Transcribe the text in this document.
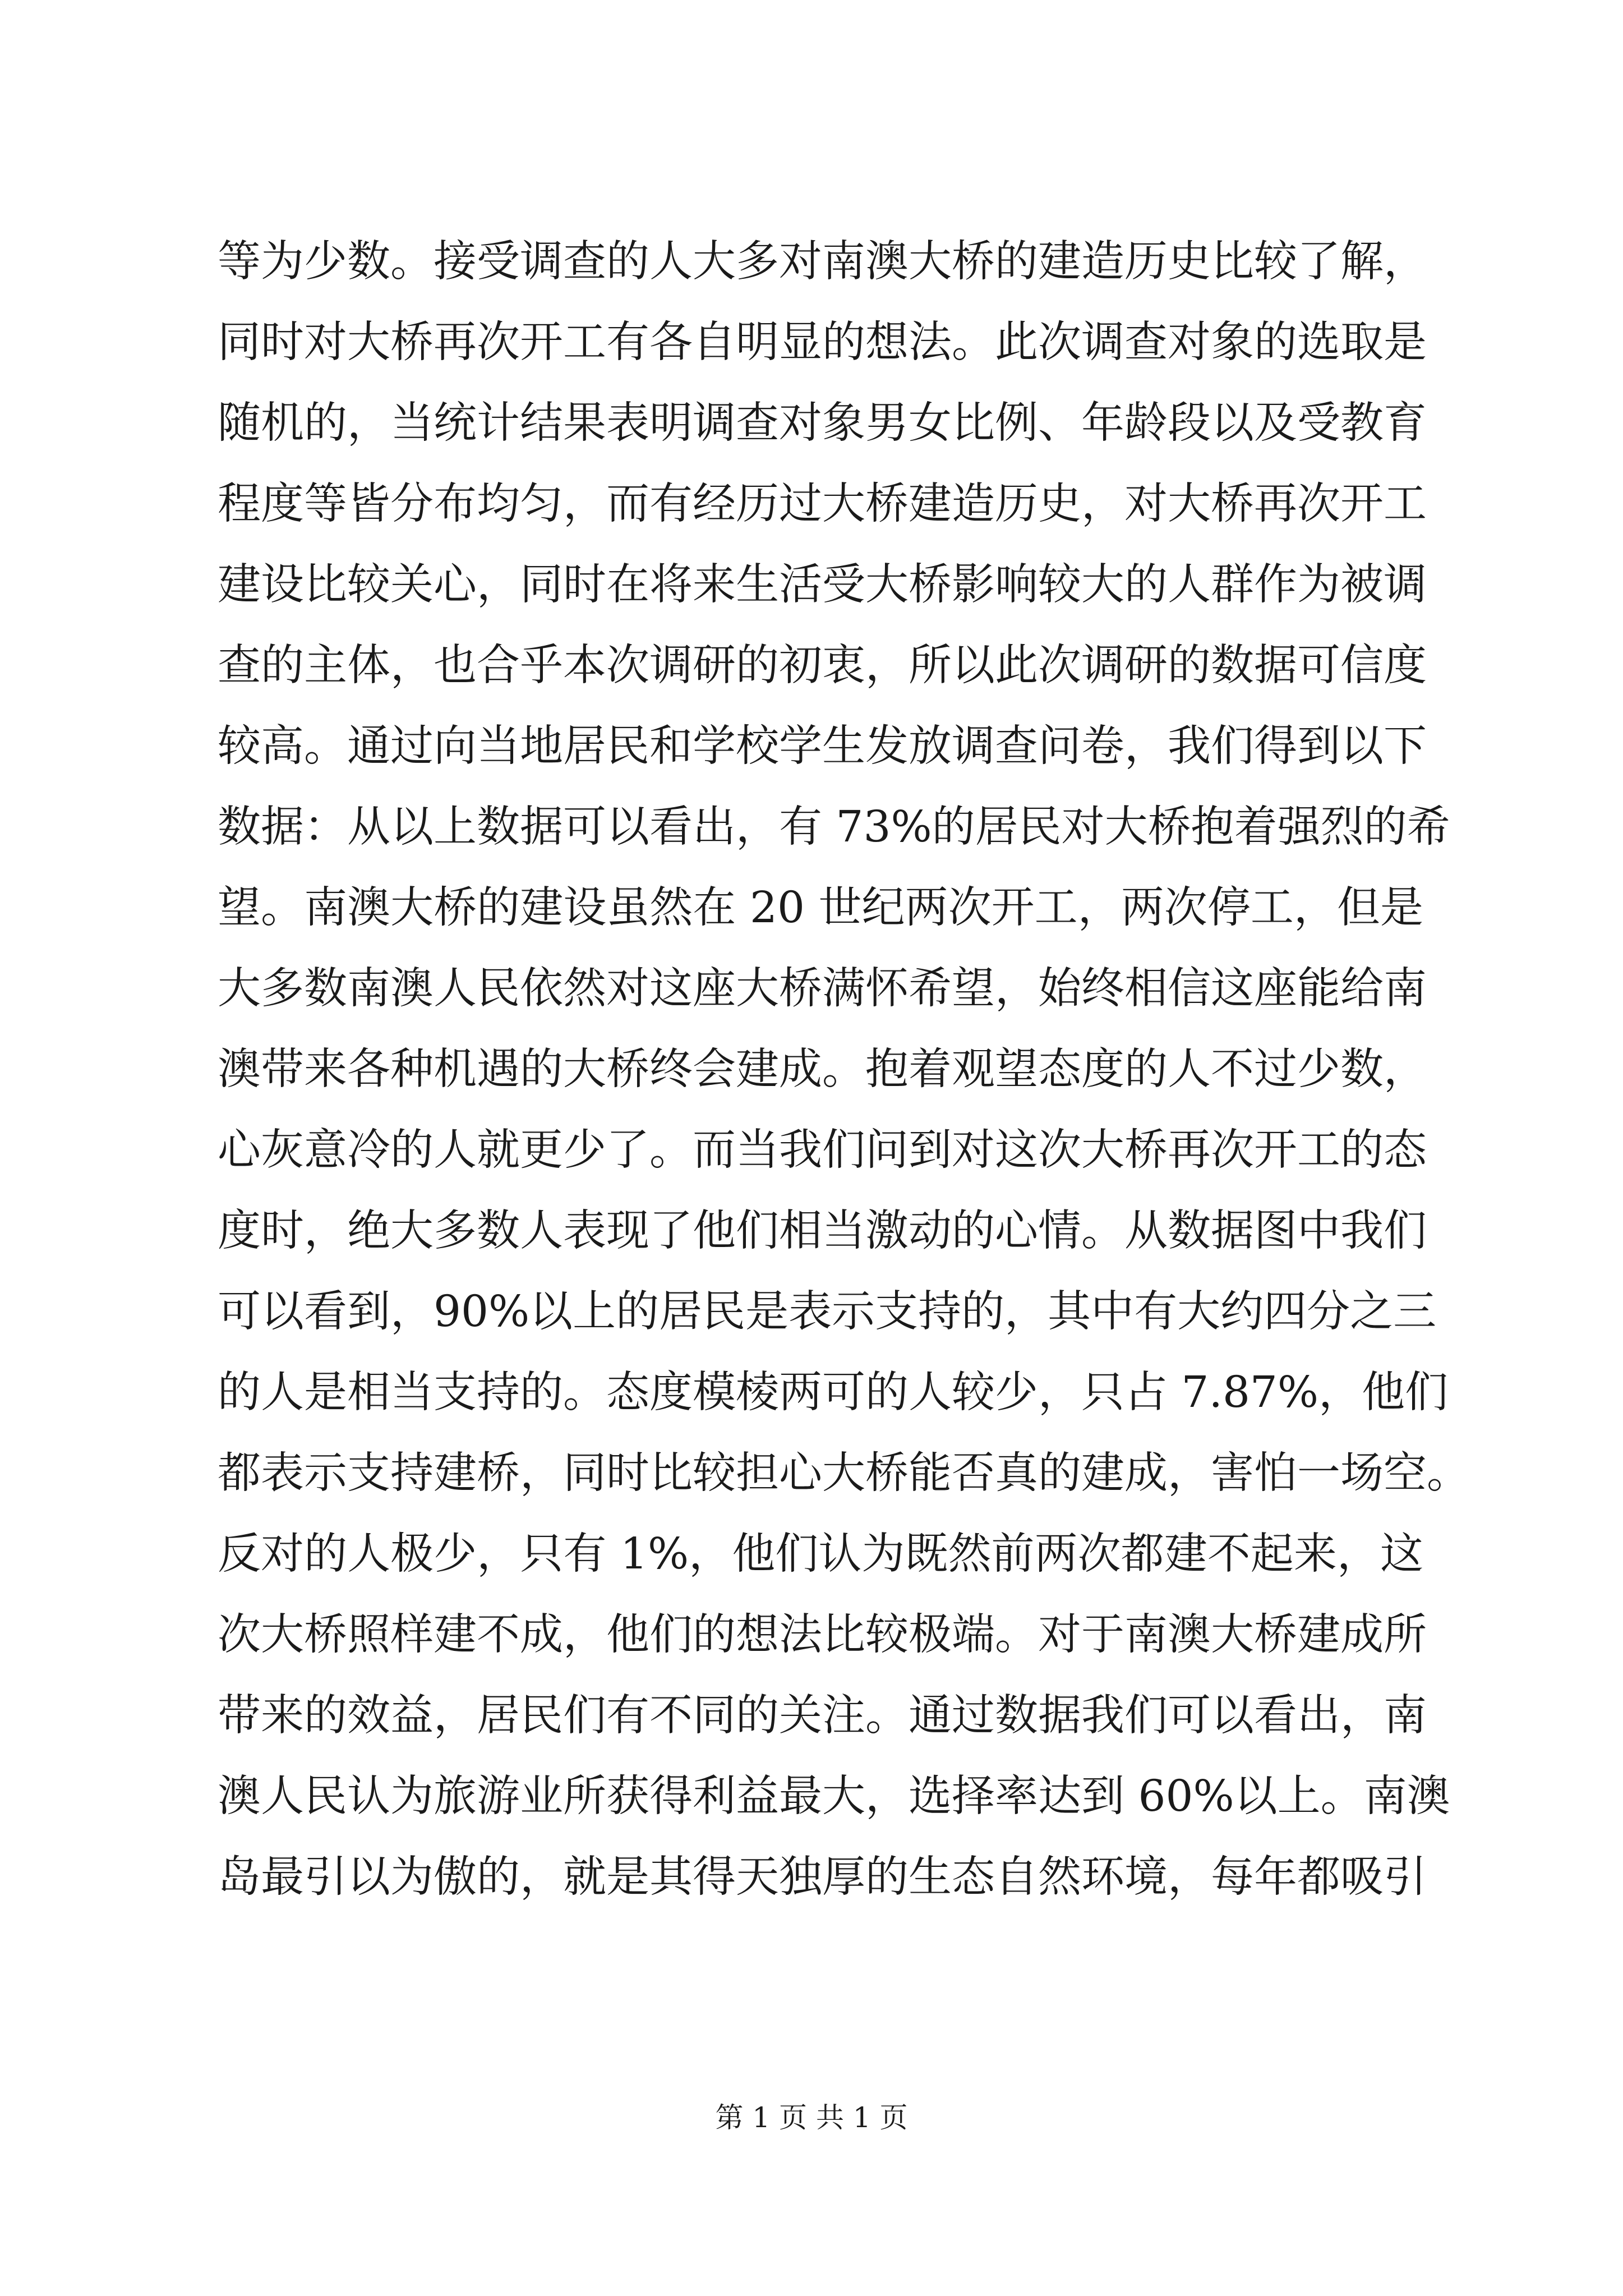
等为少数。接受调查的人大多对南澳大桥的建造历史比较了解，
同时对大桥再次开工有各自明显的想法。此次调查对象的选取是
随机的，当统计结果表明调查对象男女比例、年龄段以及受教育
程度等皆分布均匀，而有经历过大桥建造历史，对大桥再次开工
建设比较关心，同时在将来生活受大桥影响较大的人群作为被调
查的主体，也合乎本次调研的初衷，所以此次调研的数据可信度
较高。通过向当地居民和学校学生发放调查问卷，我们得到以下
数据：从以上数据可以看出，有 73%的居民对大桥抱着强烈的希
望。南澳大桥的建设虽然在 20 世纪两次开工，两次停工，但是
大多数南澳人民依然对这座大桥满怀希望，始终相信这座能给南
澳带来各种机遇的大桥终会建成。抱着观望态度的人不过少数，
心灰意冷的人就更少了。而当我们问到对这次大桥再次开工的态
度时，绝大多数人表现了他们相当激动的心情。从数据图中我们
可以看到，90%以上的居民是表示支持的，其中有大约四分之三
的人是相当支持的。态度模棱两可的人较少，只占 7.87%，他们
都表示支持建桥，同时比较担心大桥能否真的建成，害怕一场空。
反对的人极少，只有 1%，他们认为既然前两次都建不起来，这
次大桥照样建不成，他们的想法比较极端。对于南澳大桥建成所
带来的效益，居民们有不同的关注。通过数据我们可以看出，南
澳人民认为旅游业所获得利益最大，选择率达到 60%以上。南澳
岛最引以为傲的，就是其得天独厚的生态自然环境，每年都吸引
第 1 页 共 1 页
